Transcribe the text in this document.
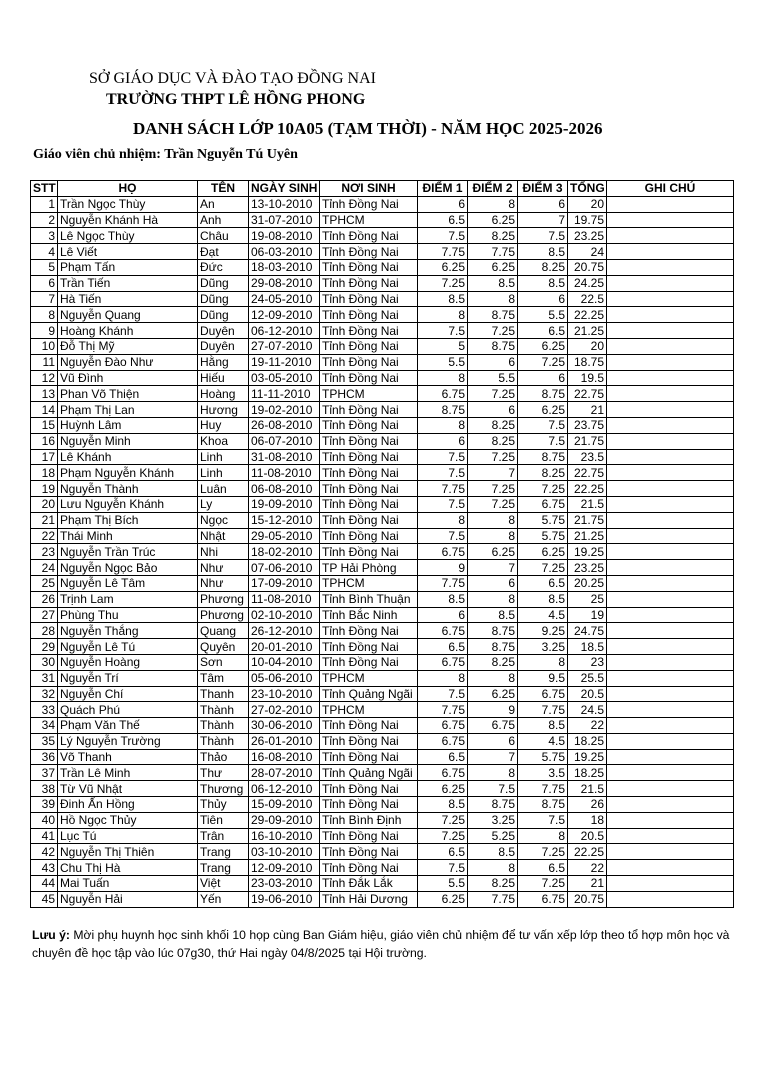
SỞ GIÁO DỤC VÀ ĐÀO TẠO ĐỒNG NAI
TRƯỜNG THPT LÊ HỒNG PHONG
DANH SÁCH LỚP 10A05 (TẠM THỜI) - NĂM HỌC 2025-2026
Giáo viên chủ nhiệm: Trần Nguyễn Tú Uyên
STT	HỌ	TÊN	NGÀY SINH	NƠI SINH	ĐIỂM 1	ĐIỂM 2	ĐIỂM 3	TỔNG	GHI CHÚ
1	Trần Ngọc Thùy	An	13-10-2010	Tỉnh Đồng Nai	6	8	6	20	
2	Nguyễn Khánh Hà	Anh	31-07-2010	TPHCM	6.5	6.25	7	19.75	
3	Lê Ngọc Thùy	Châu	19-08-2010	Tỉnh Đồng Nai	7.5	8.25	7.5	23.25	
4	Lê Viết	Đạt	06-03-2010	Tỉnh Đồng Nai	7.75	7.75	8.5	24	
5	Phạm Tấn	Đức	18-03-2010	Tỉnh Đồng Nai	6.25	6.25	8.25	20.75	
6	Trần Tiến	Dũng	29-08-2010	Tỉnh Đồng Nai	7.25	8.5	8.5	24.25	
7	Hà Tiến	Dũng	24-05-2010	Tỉnh Đồng Nai	8.5	8	6	22.5	
8	Nguyễn Quang	Dũng	12-09-2010	Tỉnh Đồng Nai	8	8.75	5.5	22.25	
9	Hoàng Khánh	Duyên	06-12-2010	Tỉnh Đồng Nai	7.5	7.25	6.5	21.25	
10	Đỗ Thị Mỹ	Duyên	27-07-2010	Tỉnh Đồng Nai	5	8.75	6.25	20	
11	Nguyễn Đào Như	Hằng	19-11-2010	Tỉnh Đồng Nai	5.5	6	7.25	18.75	
12	Vũ Đình	Hiếu	03-05-2010	Tỉnh Đồng Nai	8	5.5	6	19.5	
13	Phan Võ Thiện	Hoàng	11-11-2010	TPHCM	6.75	7.25	8.75	22.75	
14	Phạm Thị Lan	Hương	19-02-2010	Tỉnh Đồng Nai	8.75	6	6.25	21	
15	Huỳnh Lâm	Huy	26-08-2010	Tỉnh Đồng Nai	8	8.25	7.5	23.75	
16	Nguyễn Minh	Khoa	06-07-2010	Tỉnh Đồng Nai	6	8.25	7.5	21.75	
17	Lê Khánh	Linh	31-08-2010	Tỉnh Đồng Nai	7.5	7.25	8.75	23.5	
18	Phạm Nguyễn Khánh	Linh	11-08-2010	Tỉnh Đồng Nai	7.5	7	8.25	22.75	
19	Nguyễn Thành	Luân	06-08-2010	Tỉnh Đồng Nai	7.75	7.25	7.25	22.25	
20	Lưu Nguyễn Khánh	Ly	19-09-2010	Tỉnh Đồng Nai	7.5	7.25	6.75	21.5	
21	Phạm Thị Bích	Ngọc	15-12-2010	Tỉnh Đồng Nai	8	8	5.75	21.75	
22	Thái Minh	Nhật	29-05-2010	Tỉnh Đồng Nai	7.5	8	5.75	21.25	
23	Nguyễn Trần Trúc	Nhi	18-02-2010	Tỉnh Đồng Nai	6.75	6.25	6.25	19.25	
24	Nguyễn Ngọc Bảo	Như	07-06-2010	TP Hải Phòng	9	7	7.25	23.25	
25	Nguyễn Lê Tâm	Như	17-09-2010	TPHCM	7.75	6	6.5	20.25	
26	Trịnh Lam	Phương	11-08-2010	Tỉnh Bình Thuận	8.5	8	8.5	25	
27	Phùng Thu	Phương	02-10-2010	Tỉnh Bắc Ninh	6	8.5	4.5	19	
28	Nguyễn Thắng	Quang	26-12-2010	Tỉnh Đồng Nai	6.75	8.75	9.25	24.75	
29	Nguyễn Lê Tú	Quyên	20-01-2010	Tỉnh Đồng Nai	6.5	8.75	3.25	18.5	
30	Nguyễn Hoàng	Sơn	10-04-2010	Tỉnh Đồng Nai	6.75	8.25	8	23	
31	Nguyễn Trí	Tâm	05-06-2010	TPHCM	8	8	9.5	25.5	
32	Nguyễn Chí	Thanh	23-10-2010	Tỉnh Quảng Ngãi	7.5	6.25	6.75	20.5	
33	Quách Phú	Thành	27-02-2010	TPHCM	7.75	9	7.75	24.5	
34	Phạm Văn Thế	Thành	30-06-2010	Tỉnh Đồng Nai	6.75	6.75	8.5	22	
35	Lý Nguyễn Trường	Thành	26-01-2010	Tỉnh Đồng Nai	6.75	6	4.5	18.25	
36	Võ Thanh	Thảo	16-08-2010	Tỉnh Đồng Nai	6.5	7	5.75	19.25	
37	Trần Lê Minh	Thư	28-07-2010	Tỉnh Quảng Ngãi	6.75	8	3.5	18.25	
38	Từ Vũ Nhật	Thương	06-12-2010	Tỉnh Đồng Nai	6.25	7.5	7.75	21.5	
39	Đinh Ấn Hồng	Thủy	15-09-2010	Tỉnh Đồng Nai	8.5	8.75	8.75	26	
40	Hồ Ngọc Thủy	Tiên	29-09-2010	Tỉnh Bình Định	7.25	3.25	7.5	18	
41	Lục Tú	Trân	16-10-2010	Tỉnh Đồng Nai	7.25	5.25	8	20.5	
42	Nguyễn Thị Thiên	Trang	03-10-2010	Tỉnh Đồng Nai	6.5	8.5	7.25	22.25	
43	Chu Thị Hà	Trang	12-09-2010	Tỉnh Đồng Nai	7.5	8	6.5	22	
44	Mai Tuấn	Việt	23-03-2010	Tỉnh Đắk Lắk	5.5	8.25	7.25	21	
45	Nguyễn Hải	Yến	19-06-2010	Tỉnh Hải Dương	6.25	7.75	6.75	20.75	
Lưu ý: Mời phụ huynh học sinh khối 10 họp cùng Ban Giám hiệu, giáo viên chủ nhiệm để tư vấn xếp lớp theo tổ hợp môn học và chuyên đề học tập vào lúc 07g30, thứ Hai ngày 04/8/2025 tại Hội trường.
